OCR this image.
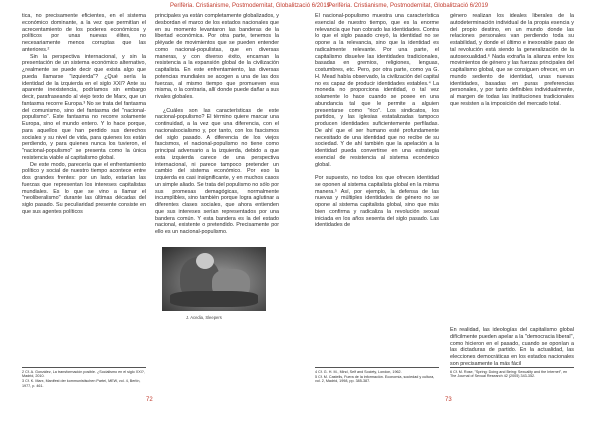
Perifèria. Cristianisme, Postmodernitat, Globalització 6/2019

tica, no precisamente eficientes, en el sistema económico dominante, a la vez que permitían el acrecentamiento de los poderes económicos y políticos por unas nuevas élites, no necesariamente menos corruptas que las anteriores.²

Sin la perspectiva internacional, y sin la presentación de un sistema económico alternativo, ¿realmente se puede decir que exista algo que pueda llamarse "izquierda"? ¿Qué sería la identidad de la izquierda en el siglo XXI? Ante su aparente inexistencia, podríamos sin embargo decir, parafraseando al viejo texto de Marx, que un fantasma recorre Europa.³ No se trata del fantasma del comunismo, sino del fantasma del "nacional-populismo". Este fantasma no recorre solamente Europa, sino el mundo entero. Y lo hace porque, para aquellos que han perdido sus derechos sociales y su nivel de vida, para quienes los están perdiendo, y para quienes nunca los tuvieron, el "nacional-populismo" se presenta como la única resistencia viable al capitalismo global.

De este modo, parecería que el enfrentamiento político y social de nuestro tiempo acontece entre dos grandes frentes: por un lado, estarían las fuerzas que representan los intereses capitalistas mundiales. Es lo que se vino a llamar el "neoliberalismo" durante las últimas décadas del siglo pasado. Su peculiaridad presente consiste en que sus agentes políticos

principales ya están completamente globalizados, y desbordan el marco de los estados nacionales que en su momento levantaron las banderas de la libertad económica. Por otra parte, tenemos la pléyade de movimientos que se pueden entender como nacional-populistas, que en diversas maneras, y con diverso éxito, encarnan la resistencia a la expansión global de la civilización capitalista. En este enfrentamiento, las diversas potencias mundiales se acogen a una de las dos fuerzas, al mismo tiempo que promueven esa misma, o la contraria, allí donde puede dañar a sus rivales globales.

¿Cuáles son las características de este nacional-populismo? El término quiere marcar una continuidad, a la vez que una diferencia, con el nacionalsocialismo y, por tanto, con los fascismos del siglo pasado. A diferencia de los viejos fascismos, el nacional-populismo no tiene como principal adversario a la izquierda, debido a que esta izquierda carece de una perspectiva internacional, ni parece tampoco pretender un cambio del sistema económico. Por eso la izquierda es casi insignificante, y en muchos casos un simple aliado. Se trata del populismo no sólo por sus promesas demagógicas, normalmente incumplibles, sino también porque logra aglutinar a diferentes clases sociales, que ahora entienden que sus intereses serían representados por una bandera común. Y esta bandera es la del estado nacional, existente o pretendido. Precisamente por ello es un nacional-populismo.

2 Cf. A. González, La transformación posible. ¿Socialismo en el siglo XXI?, Madrid, 2010.
3 Cf. K. Marx, Manifest der kommunistischen Partei, MEW, vol. 4, Berlín, 1977, p. 461.
72
Perifèria. Cristianisme, Postmodernitat, Globalització 6/2019

El nacional-populismo muestra una característica esencial de nuestro tiempo, que es la enorme relevancia que han cobrado las identidades. Contra lo que el siglo pasado creyó, la identidad no se opone a la relevancia, sino que la identidad es radicalmente relevante. Por una parte, el capitalismo disuelve las identidades tradicionales, basadas en gremios, religiones, lenguas, costumbres, etc. Pero, por otra parte, como ya G. H. Mead había observado, la civilización del capital no es capaz de producir identidades estables.⁴ La moneda no proporciona identidad, o tal vez solamente lo hace cuando se posee en una abundancia tal que le permite a alguien presentarse como "rico". Los sindicatos, los partidos, y las iglesias estatalizadas tampoco producen identidades suficientemente perfiladas. De ahí que el ser humano esté profundamente necesitado de una identidad que no recibe de su sociedad. Y de ahí también que la apelación a la identidad pueda convertirse en una estrategia esencial de resistencia al sistema económico global.

Por supuesto, no todos los que ofrecen identidad se oponen al sistema capitalista global en la misma manera.⁵ Así, por ejemplo, la defensa de las nuevas y múltiples identidades de género no se opone al sistema capitalista global, sino que más bien confirma y radicaliza la revolución sexual iniciada en los años sesenta del siglo pasado. Las identidades de

género realizan los ideales liberales de la autodeterminación individual de la propia esencia y del propio destino, en un mundo donde las relaciones personales van perdiendo toda su estabilidad, y donde el último e inexorable paso de tal revolución está siendo la generalización de la autosexualidad.⁶ Nada extraña la alianza entre los movimientos de género y las fuerzas principales del capitalismo global, que se consiguen ofrecer, en un mundo sediento de identidad, unas nuevas identidades, basadas en puras preferencias personales, y por tanto definibles individualmente, al margen de todas las instituciones tradicionales que resisten a la imposición del mercado total.

En realidad, las ideologías del capitalismo global difícilmente pueden apelar a la "democracia liberal", como hicieron en el pasado, cuando se oponían a las dictaduras de partido. En la actualidad, las elecciones democráticas en los estados nacionales son precisamente la más fácil

4 Cf. G. H. M., Mind, Self and Society, London, 1962.
5 Cf. M. Castells, Fuera de la información. Economía, sociedad y cultura, vol. 2, Madrid, 1998, pp. 385-387.
6 Cf. M. Rose, "Spring: Doing and Being: Sexuality and the Internet", en The Journal of Sexual Research 42 (2005) 343-352.
73
J. Acedia, Sleepers
